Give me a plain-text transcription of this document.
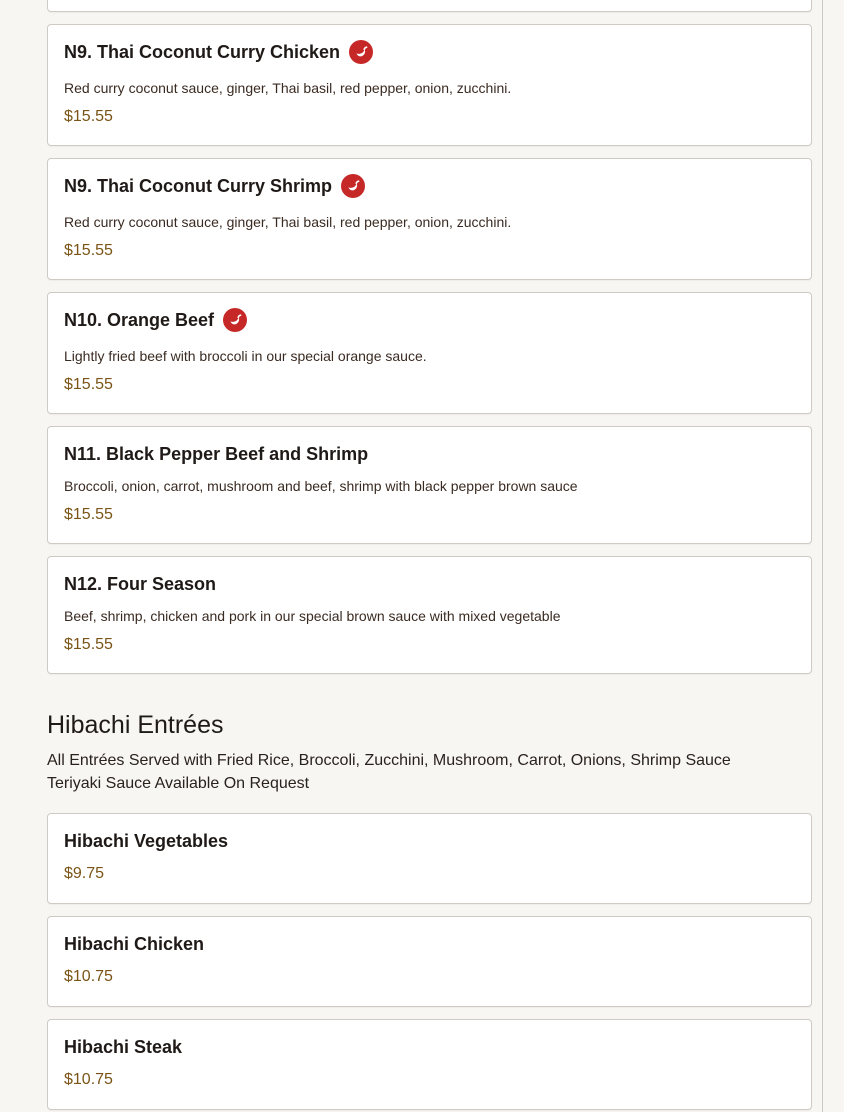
N9. Thai Coconut Curry Chicken
Red curry coconut sauce, ginger, Thai basil, red pepper, onion, zucchini.
$15.55
N9. Thai Coconut Curry Shrimp
Red curry coconut sauce, ginger, Thai basil, red pepper, onion, zucchini.
$15.55
N10. Orange Beef
Lightly fried beef with broccoli in our special orange sauce.
$15.55
N11. Black Pepper Beef and Shrimp
Broccoli, onion, carrot, mushroom and beef, shrimp with black pepper brown sauce
$15.55
N12. Four Season
Beef, shrimp, chicken and pork in our special brown sauce with mixed vegetable
$15.55
Hibachi Entrées
All Entrées Served with Fried Rice, Broccoli, Zucchini, Mushroom, Carrot, Onions, Shrimp Sauce
Teriyaki Sauce Available On Request
Hibachi Vegetables
$9.75
Hibachi Chicken
$10.75
Hibachi Steak
$10.75
